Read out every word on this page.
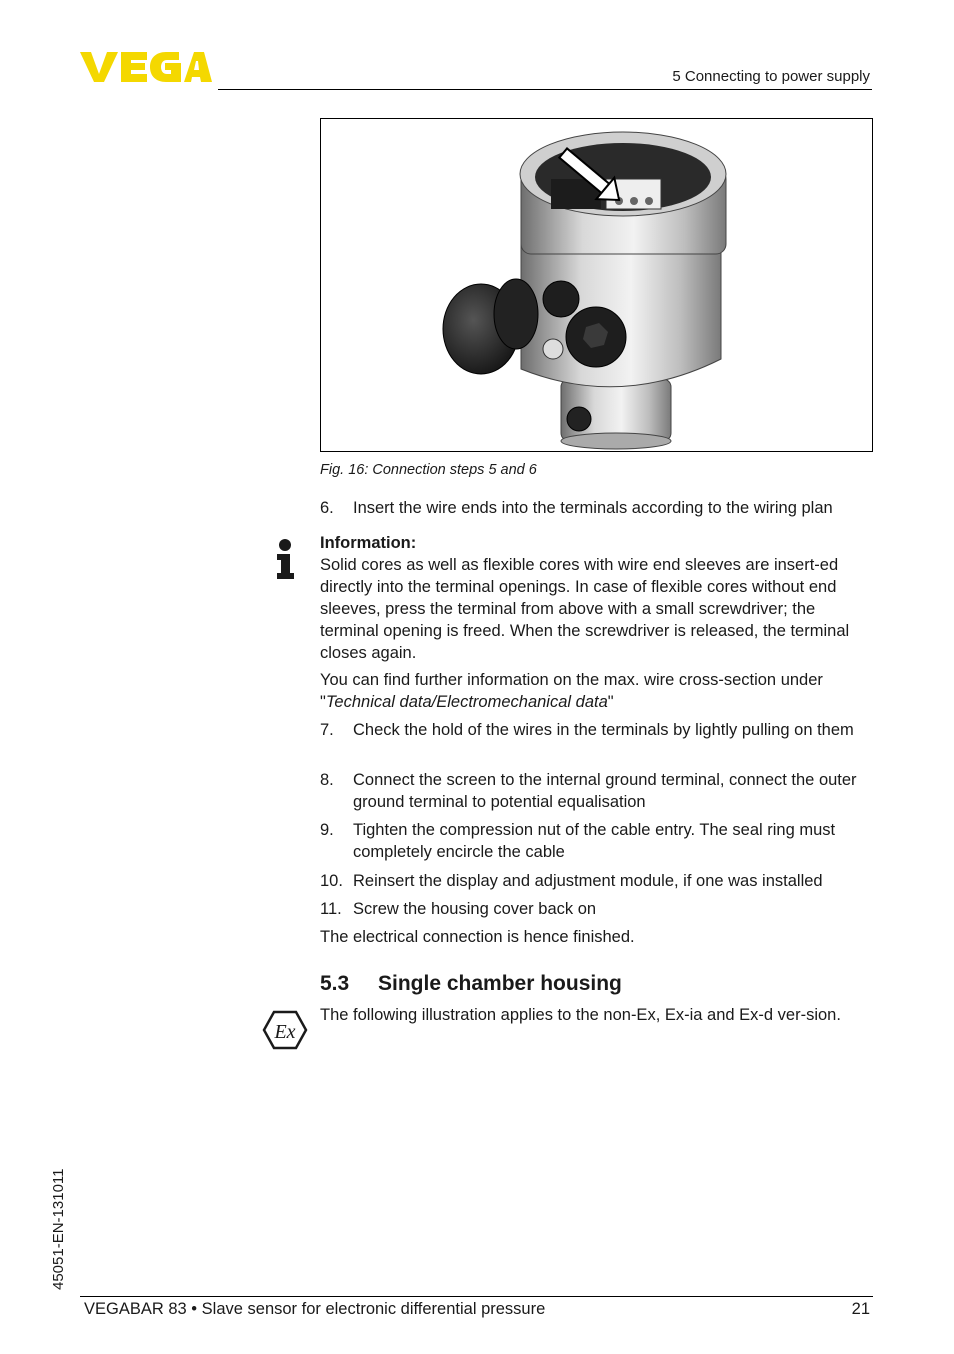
5 Connecting to power supply
Fig. 16: Connection steps 5 and 6
6. Insert the wire ends into the terminals according to the wiring plan
Information:
Solid cores as well as flexible cores with wire end sleeves are insert-ed directly into the terminal openings. In case of flexible cores without end sleeves, press the terminal from above with a small screwdriver; the terminal opening is freed. When the screwdriver is released, the terminal closes again.
You can find further information on the max. wire cross-section under "Technical data/Electromechanical data"
7. Check the hold of the wires in the terminals by lightly pulling on them
8. Connect the screen to the internal ground terminal, connect the outer ground terminal to potential equalisation
9. Tighten the compression nut of the cable entry. The seal ring must completely encircle the cable
10. Reinsert the display and adjustment module, if one was installed
11. Screw the housing cover back on
The electrical connection is hence finished.
5.3 Single chamber housing
Ex
The following illustration applies to the non-Ex, Ex-ia and Ex-d ver-sion.
45051-EN-131011
VEGABAR 83 • Slave sensor for electronic differential pressure	21
